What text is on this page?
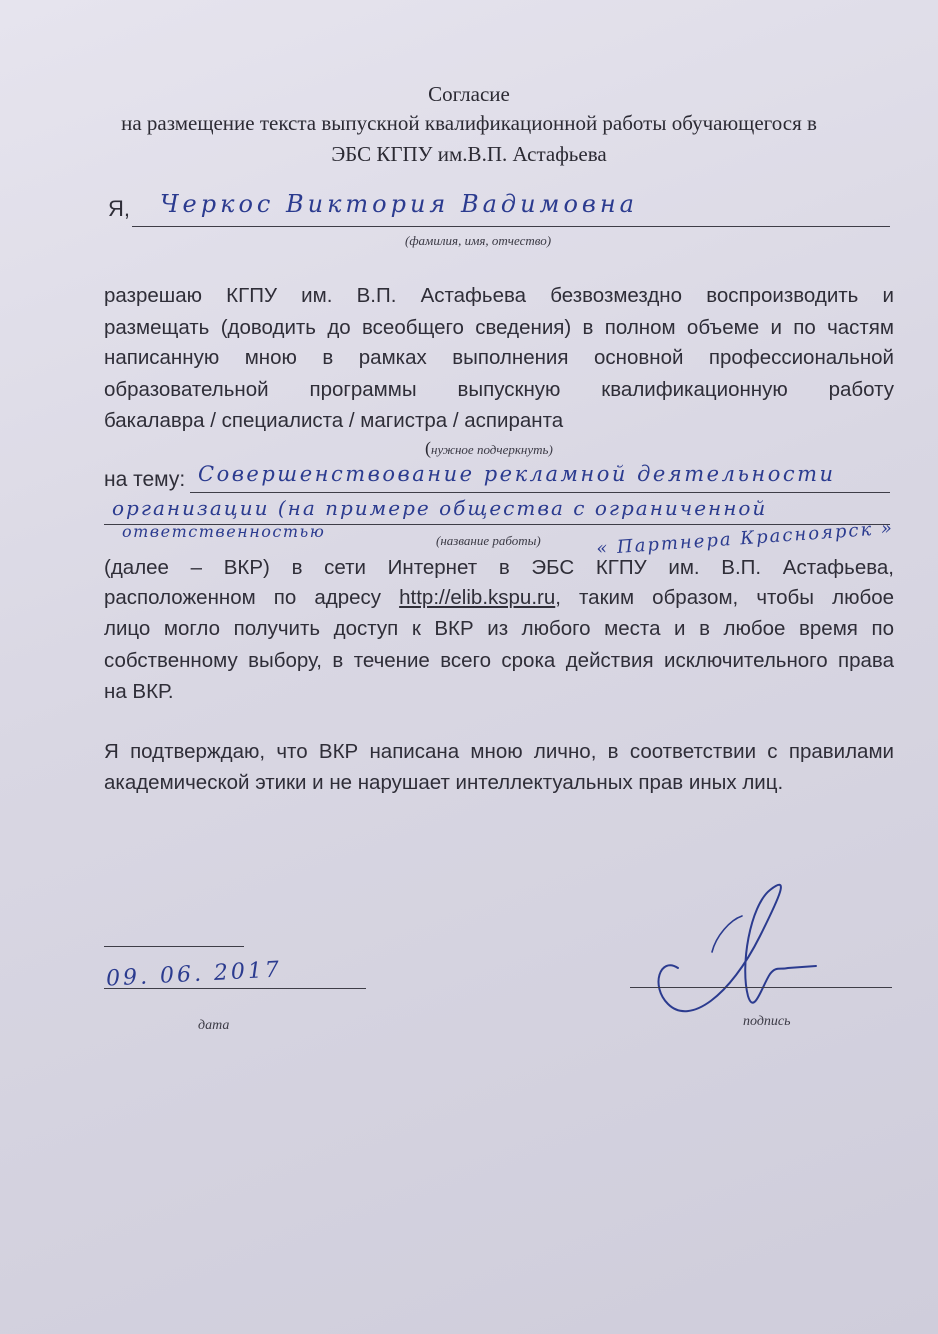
Согласие

на размещение текста выпускной квалификационной работы обучающегося в

ЭБС КГПУ им.В.П. Астафьева

Я, Черкос Виктория Вадимовна

(фамилия, имя, отчество)

разрешаю КГПУ им. В.П. Астафьева безвозмездно воспроизводить и

размещать (доводить до всеобщего сведения) в полном объеме и по частям

написанную мною в рамках выполнения основной профессиональной

образовательной программы выпускную квалификационную работу

бакалавра / специалиста / магистра / аспиранта

(нужное подчеркнуть)

на тему: Совершенствование рекламной деятельности
организации (на примере общества с ограниченной
ответственностью	« Партнера Красноярск »

(название работы)

(далее – ВКР) в сети Интернет в ЭБС КГПУ им. В.П. Астафьева,

расположенном по адресу http://elib.kspu.ru, таким образом, чтобы любое

лицо могло получить доступ к ВКР из любого места и в любое время по

собственному выбору, в течение всего срока действия исключительного права

на ВКР.

Я подтверждаю, что ВКР написана мною лично, в соответствии с правилами

академической этики и не нарушает интеллектуальных прав иных лиц.

09. 06. 2017

дата	подпись
